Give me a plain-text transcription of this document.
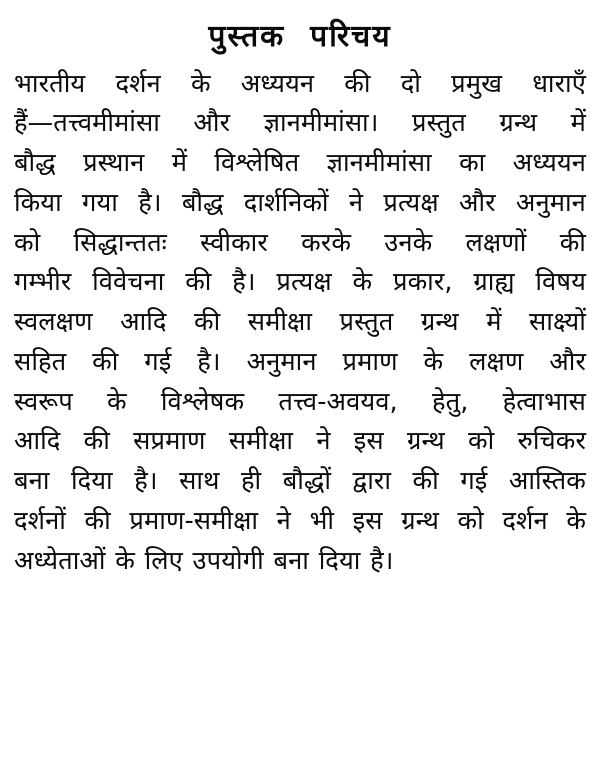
पुस्तक  परिचय

भारतीय दर्शन के अध्ययन की दो प्रमुख धाराएँ
हैं—तत्त्वमीमांसा और ज्ञानमीमांसा। प्रस्तुत ग्रन्थ में
बौद्ध प्रस्थान में विश्लेषित ज्ञानमीमांसा का अध्ययन
किया गया है। बौद्ध दार्शनिकों ने प्रत्यक्ष और अनुमान
को सिद्धान्ततः स्वीकार करके उनके लक्षणों की
गम्भीर विवेचना की है। प्रत्यक्ष के प्रकार, ग्राह्य विषय
स्वलक्षण आदि की समीक्षा प्रस्तुत ग्रन्थ में साक्ष्यों
सहित की गई है। अनुमान प्रमाण के लक्षण और
स्वरूप के विश्लेषक तत्त्व-अवयव, हेतु, हेत्वाभास
आदि की सप्रमाण समीक्षा ने इस ग्रन्थ को रुचिकर
बना दिया है। साथ ही बौद्धों द्वारा की गई आस्तिक
दर्शनों की प्रमाण-समीक्षा ने भी इस ग्रन्थ को दर्शन के
अध्येताओं के लिए उपयोगी बना दिया है।
